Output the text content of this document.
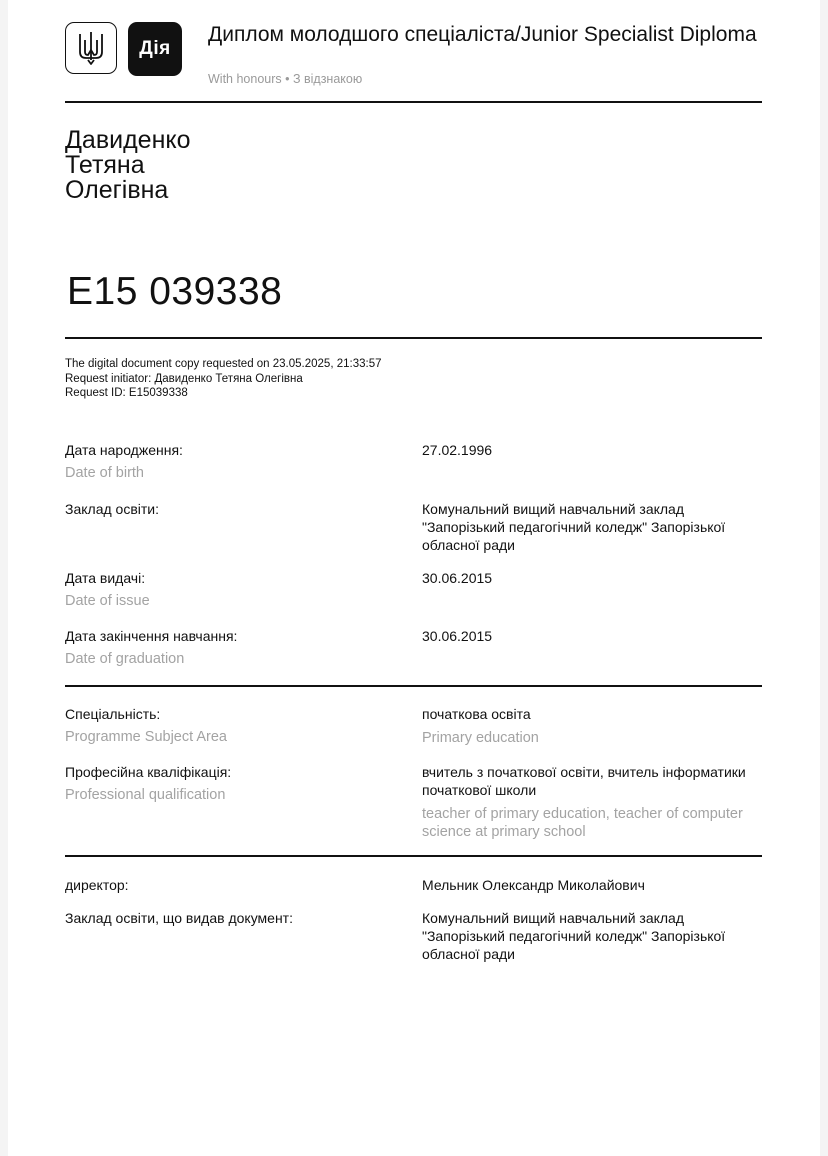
Дія
Диплом молодшого спеціаліста/Junior Specialist Diploma
With honours • З відзнакою
Давиденко
Тетяна
Олегівна
E15 039338
The digital document copy requested on 23.05.2025, 21:33:57
Request initiator: Давиденко Тетяна Олегівна
Request ID: E15039338
Дата народження:
Date of birth
27.02.1996
Заклад освіти:	Комунальний вищий навчальний заклад "Запорізький педагогічний коледж" Запорізької обласної ради
Дата видачі:
Date of issue
30.06.2015
Дата закінчення навчання:
Date of graduation
30.06.2015
Спеціальність:
Programme Subject Area
початкова освіта
Primary education
Професійна кваліфікація:
Professional qualification
вчитель з початкової освіти, вчитель інформатики початкової школи
teacher of primary education, teacher of computer science at primary school
директор:	Мельник Олександр Миколайович
Заклад освіти, що видав документ:	Комунальний вищий навчальний заклад "Запорізький педагогічний коледж" Запорізької обласної ради
